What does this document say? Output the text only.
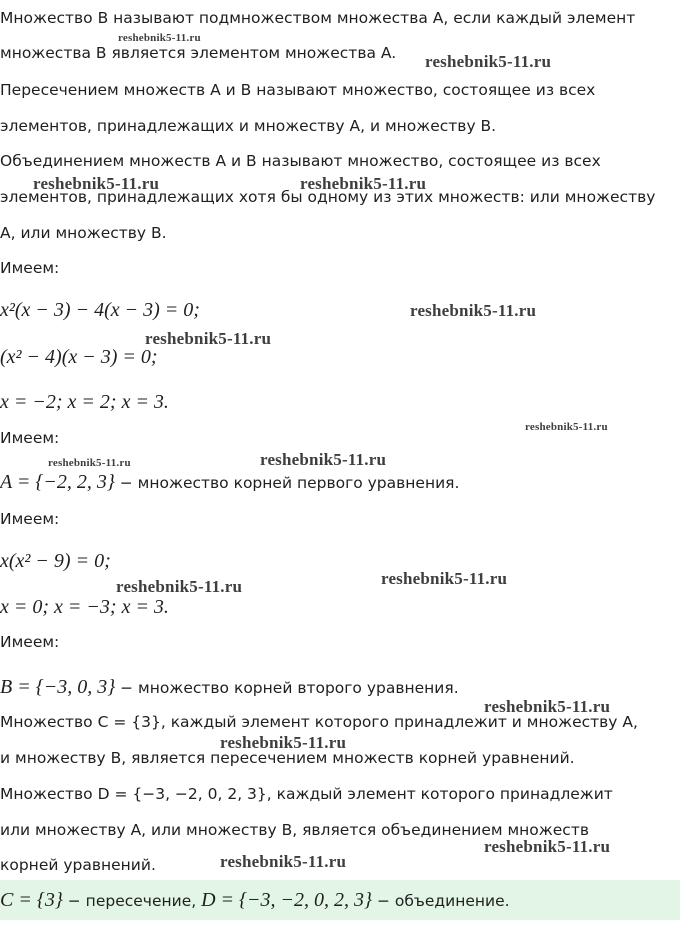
Множество B называют подмножеством множества A, если каждый элемент
множества B является элементом множества A.
Пересечением множеств A и B называют множество, состоящее из всех
элементов, принадлежащих и множеству A, и множеству B.
Объединением множеств A и B называют множество, состоящее из всех
элементов, принадлежащих хотя бы одному из этих множеств: или множеству
A, или множеству B.
Имеем:
x²(x − 3) − 4(x − 3) = 0;
(x² − 4)(x − 3) = 0;
x = −2; x = 2; x = 3.
Имеем:
A = {−2, 2, 3} − множество корней первого уравнения.
Имеем:
x(x² − 9) = 0;
x = 0; x = −3; x = 3.
Имеем:
B = {−3, 0, 3} − множество корней второго уравнения.
Множество C = {3}, каждый элемент которого принадлежит и множеству A,
и множеству B, является пересечением множеств корней уравнений.
Множество D = {−3, −2, 0, 2, 3}, каждый элемент которого принадлежит
или множеству A, или множеству B, является объединением множеств
корней уравнений.
C = {3} − пересечение, D = {−3, −2, 0, 2, 3} − объединение.
reshebnik5-11.ru
reshebnik5-11.ru
reshebnik5-11.ru	reshebnik5-11.ru
reshebnik5-11.ru
reshebnik5-11.ru
reshebnik5-11.ru
reshebnik5-11.ru
reshebnik5-11.ru
reshebnik5-11.ru
reshebnik5-11.ru
reshebnik5-11.ru
reshebnik5-11.ru
reshebnik5-11.ru
reshebnik5-11.ru
